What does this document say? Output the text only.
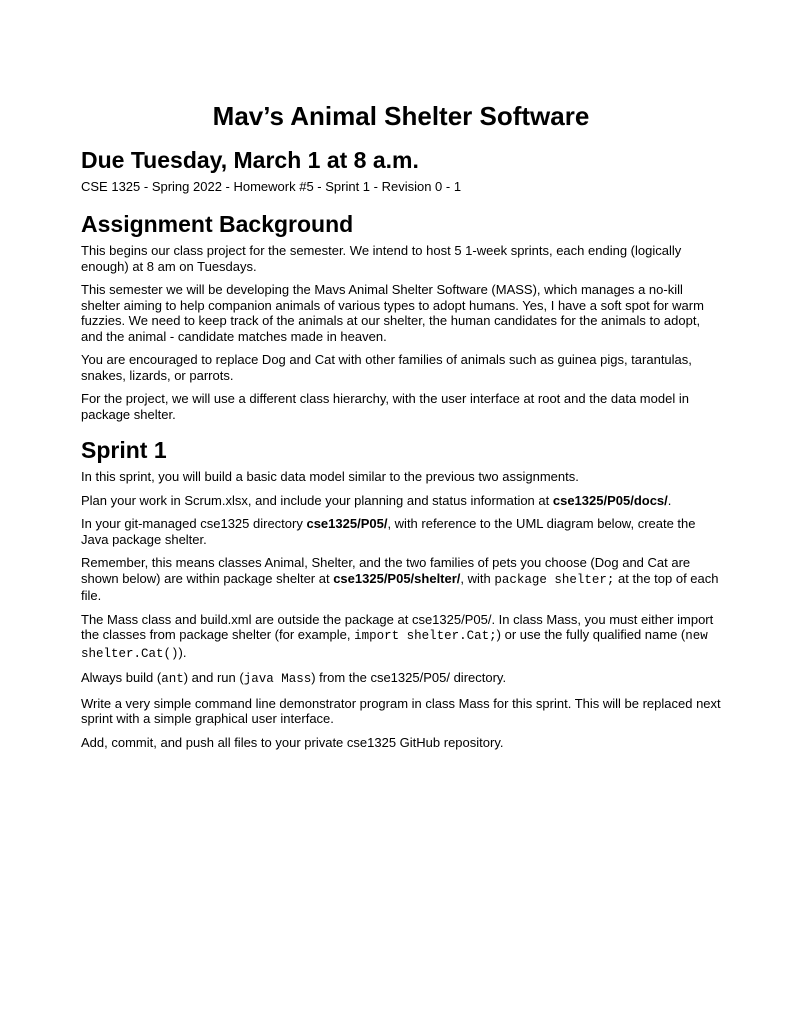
Mav’s Animal Shelter Software
Due Tuesday, March 1 at 8 a.m.
CSE 1325 - Spring 2022 - Homework #5 - Sprint 1 - Revision 0 - 1
Assignment Background

This begins our class project for the semester. We intend to host 5 1-week sprints, each ending (logically enough) at 8 am on Tuesdays.

This semester we will be developing the Mavs Animal Shelter Software (MASS), which manages a no-kill shelter aiming to help companion animals of various types to adopt humans. Yes, I have a soft spot for warm fuzzies. We need to keep track of the animals at our shelter, the human candidates for the animals to adopt, and the animal - candidate matches made in heaven.

You are encouraged to replace Dog and Cat with other families of animals such as guinea pigs, tarantulas, snakes, lizards, or parrots.

For the project, we will use a different class hierarchy, with the user interface at root and the data model in package shelter.

Sprint 1

In this sprint, you will build a basic data model similar to the previous two assignments.

Plan your work in Scrum.xlsx, and include your planning and status information at cse1325/P05/docs/.

In your git-managed cse1325 directory cse1325/P05/, with reference to the UML diagram below, create the Java package shelter.

Remember, this means classes Animal, Shelter, and the two families of pets you choose (Dog and Cat are shown below) are within package shelter at cse1325/P05/shelter/, with package shelter; at the top of each file.

The Mass class and build.xml are outside the package at cse1325/P05/. In class Mass, you must either import the classes from package shelter (for example, import shelter.Cat;) or use the fully qualified name (new shelter.Cat()).

Always build (ant) and run (java Mass) from the cse1325/P05/ directory.

Write a very simple command line demonstrator program in class Mass for this sprint. This will be replaced next sprint with a simple graphical user interface.

Add, commit, and push all files to your private cse1325 GitHub repository.
